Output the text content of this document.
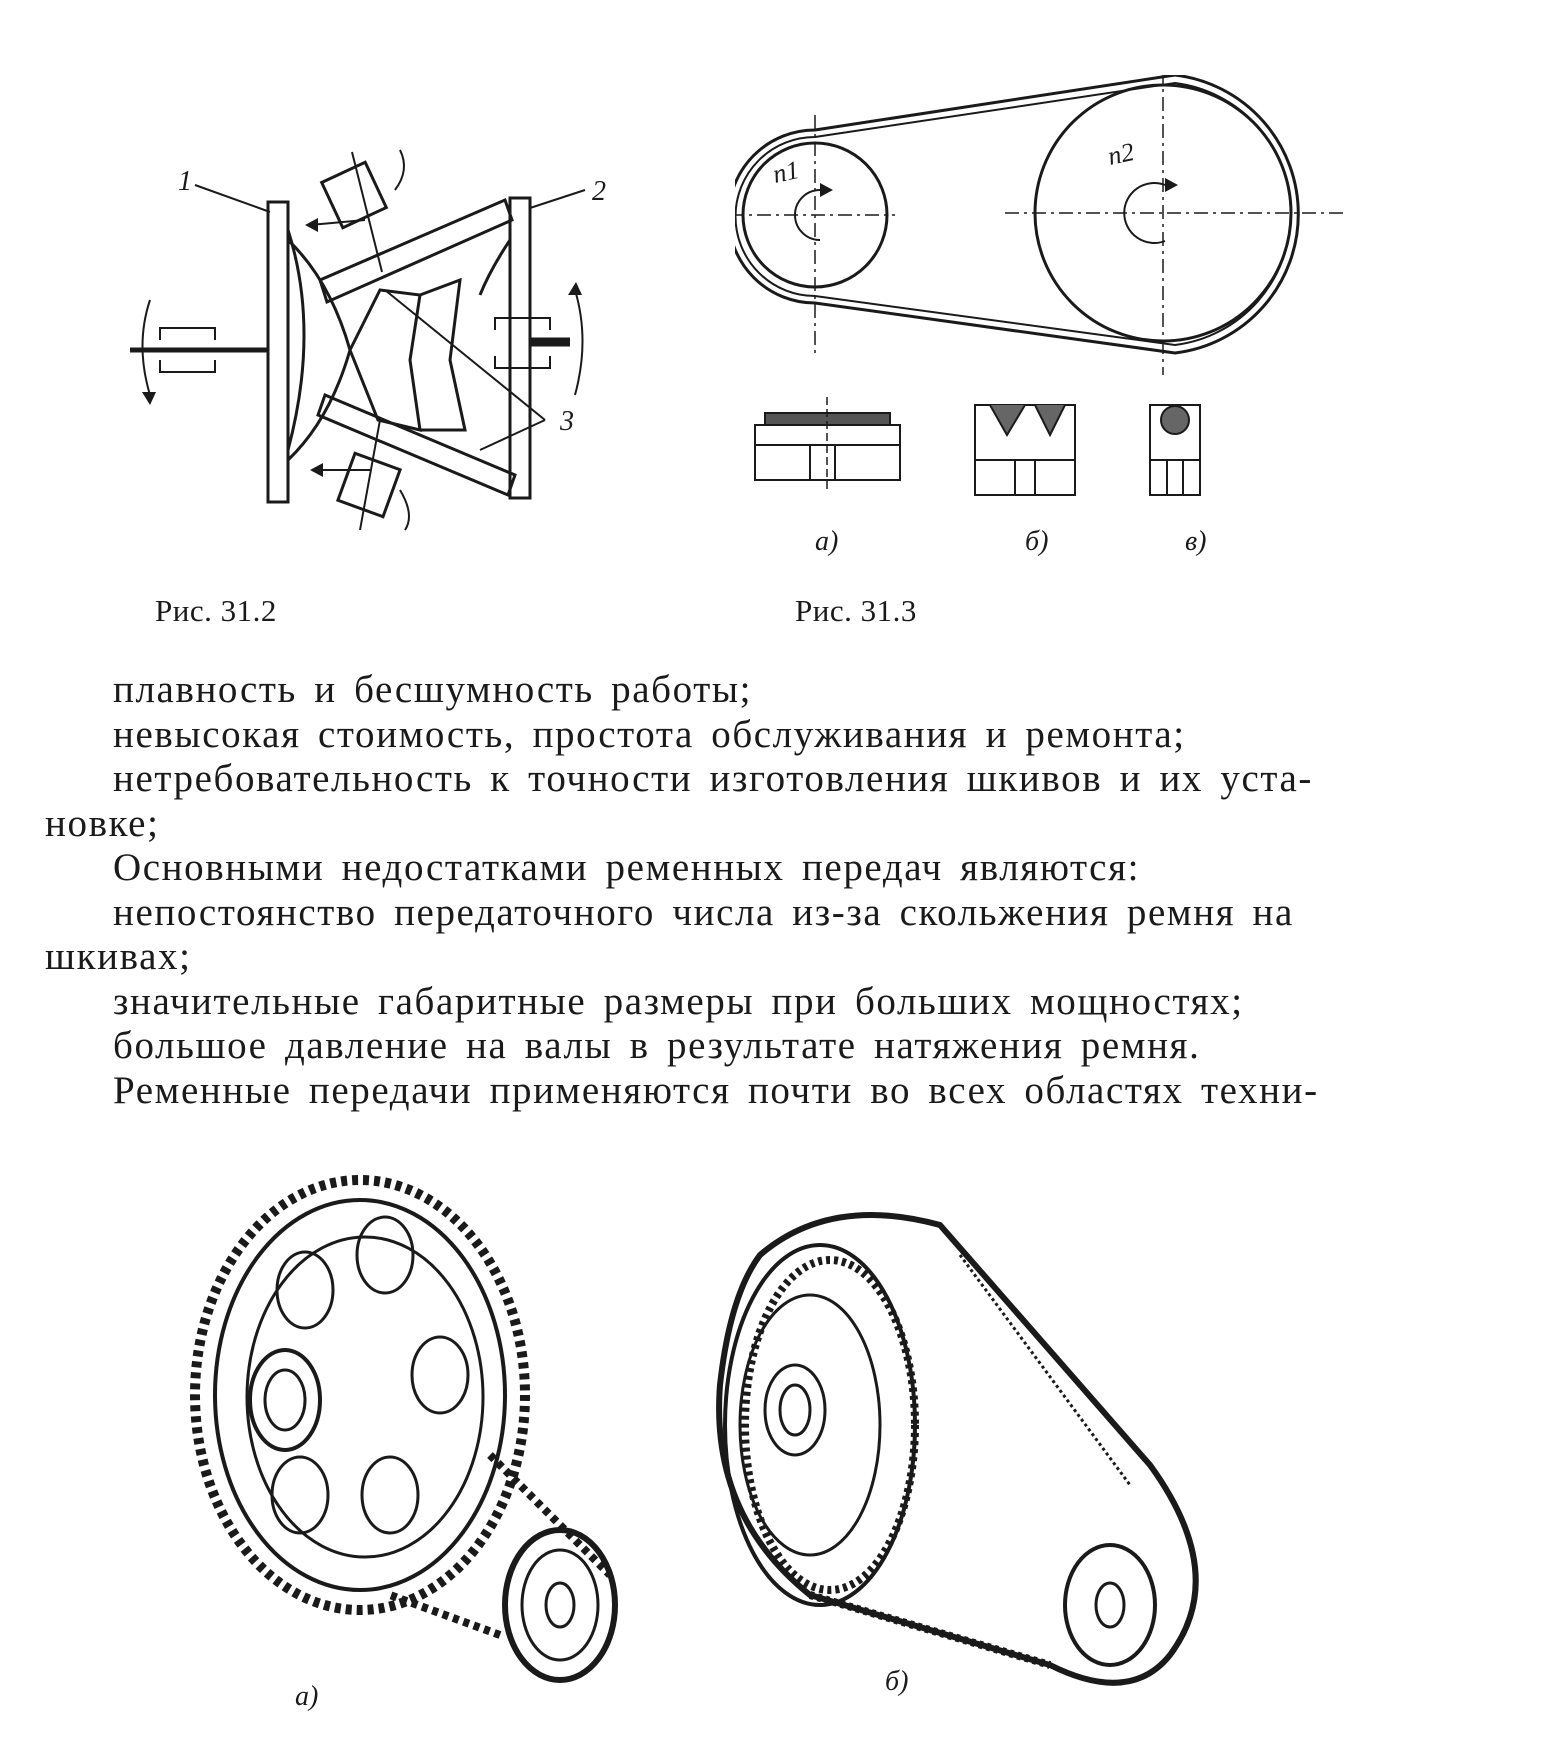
1	2
3
Рис. 31.2
n1
n2
а)	б)	в)
Рис. 31.3

плавность и бесшумность работы;

невысокая стоимость, простота обслуживания и ремонта;

нетребовательность к точности изготовления шкивов и их уста-

новке;

Основными недостатками ременных передач являются:

непостоянство передаточного числа из-за скольжения ремня на

шкивах;

значительные габаритные размеры при больших мощностях;

большое давление на валы в результате натяжения ремня.

Ременные передачи применяются почти во всех областях техни-

а)	б)
